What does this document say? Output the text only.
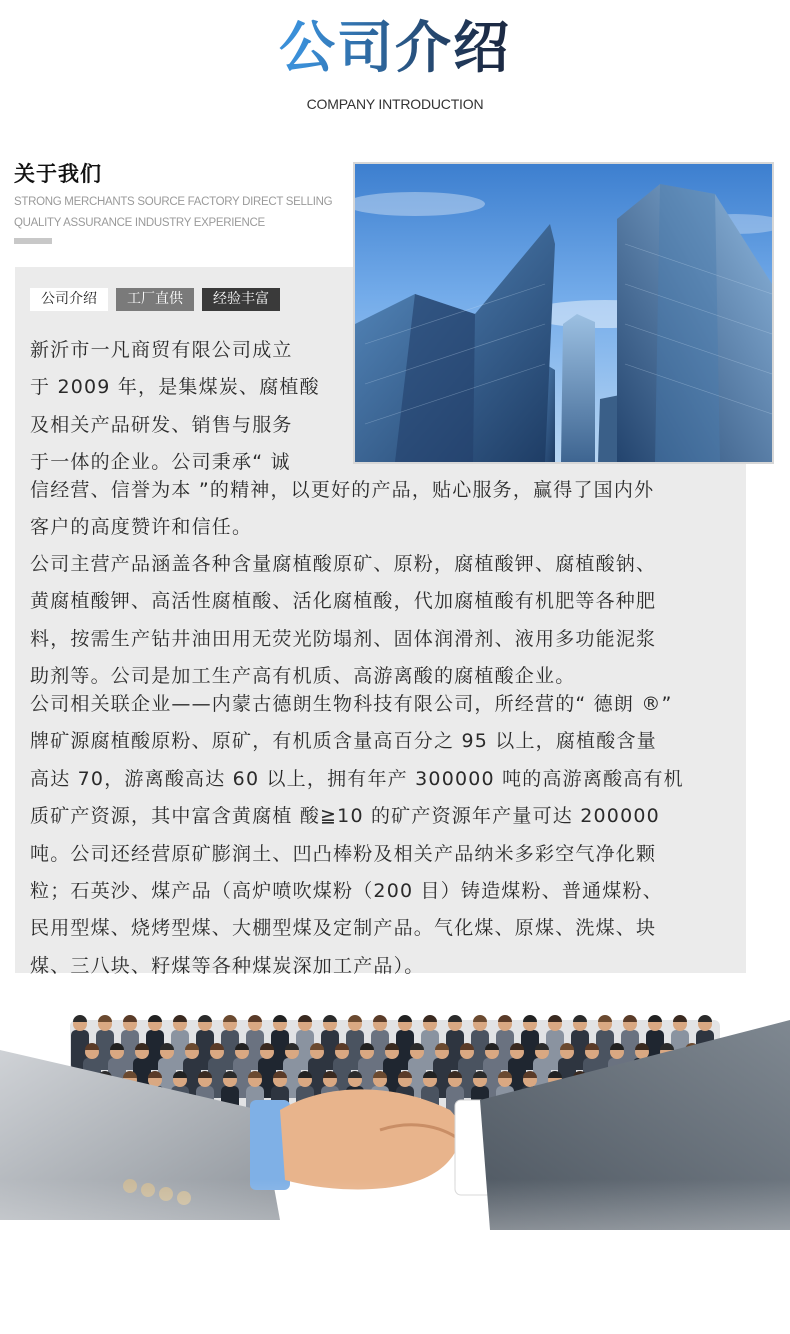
公司介绍
COMPANY INTRODUCTION
关于我们
STRONG MERCHANTS SOURCE FACTORY DIRECT SELLING
QUALITY ASSURANCE INDUSTRY EXPERIENCE
公司介绍	工厂直供	经验丰富

新沂市一凡商贸有限公司成立
于 2009 年，是集煤炭、腐植酸
及相关产品研发、销售与服务
于一体的企业。公司秉承“ 诚

信经营、信誉为本 ”的精神，以更好的产品，贴心服务，赢得了国内外
客户的高度赞许和信任。

公司主营产品涵盖各种含量腐植酸原矿、原粉，腐植酸钾、腐植酸钠、
黄腐植酸钾、高活性腐植酸、活化腐植酸，代加腐植酸有机肥等各种肥
料，按需生产钻井油田用无荧光防塌剂、固体润滑剂、液用多功能泥浆
助剂等。公司是加工生产高有机质、高游离酸的腐植酸企业。

公司相关联企业——内蒙古德朗生物科技有限公司，所经营的“ 德朗 ®”
牌矿源腐植酸原粉、原矿，有机质含量高百分之 95 以上，腐植酸含量
高达 70，游离酸高达 60 以上，拥有年产 300000 吨的高游离酸高有机
质矿产资源，其中富含黄腐植 酸≧10 的矿产资源年产量可达 200000
吨。公司还经营原矿膨润土、凹凸棒粉及相关产品纳米多彩空气净化颗
粒；石英沙、煤产品（高炉喷吹煤粉（200 目）铸造煤粉、普通煤粉、
民用型煤、烧烤型煤、大棚型煤及定制产品。气化煤、原煤、洗煤、块
煤、三八块、籽煤等各种煤炭深加工产品）。
